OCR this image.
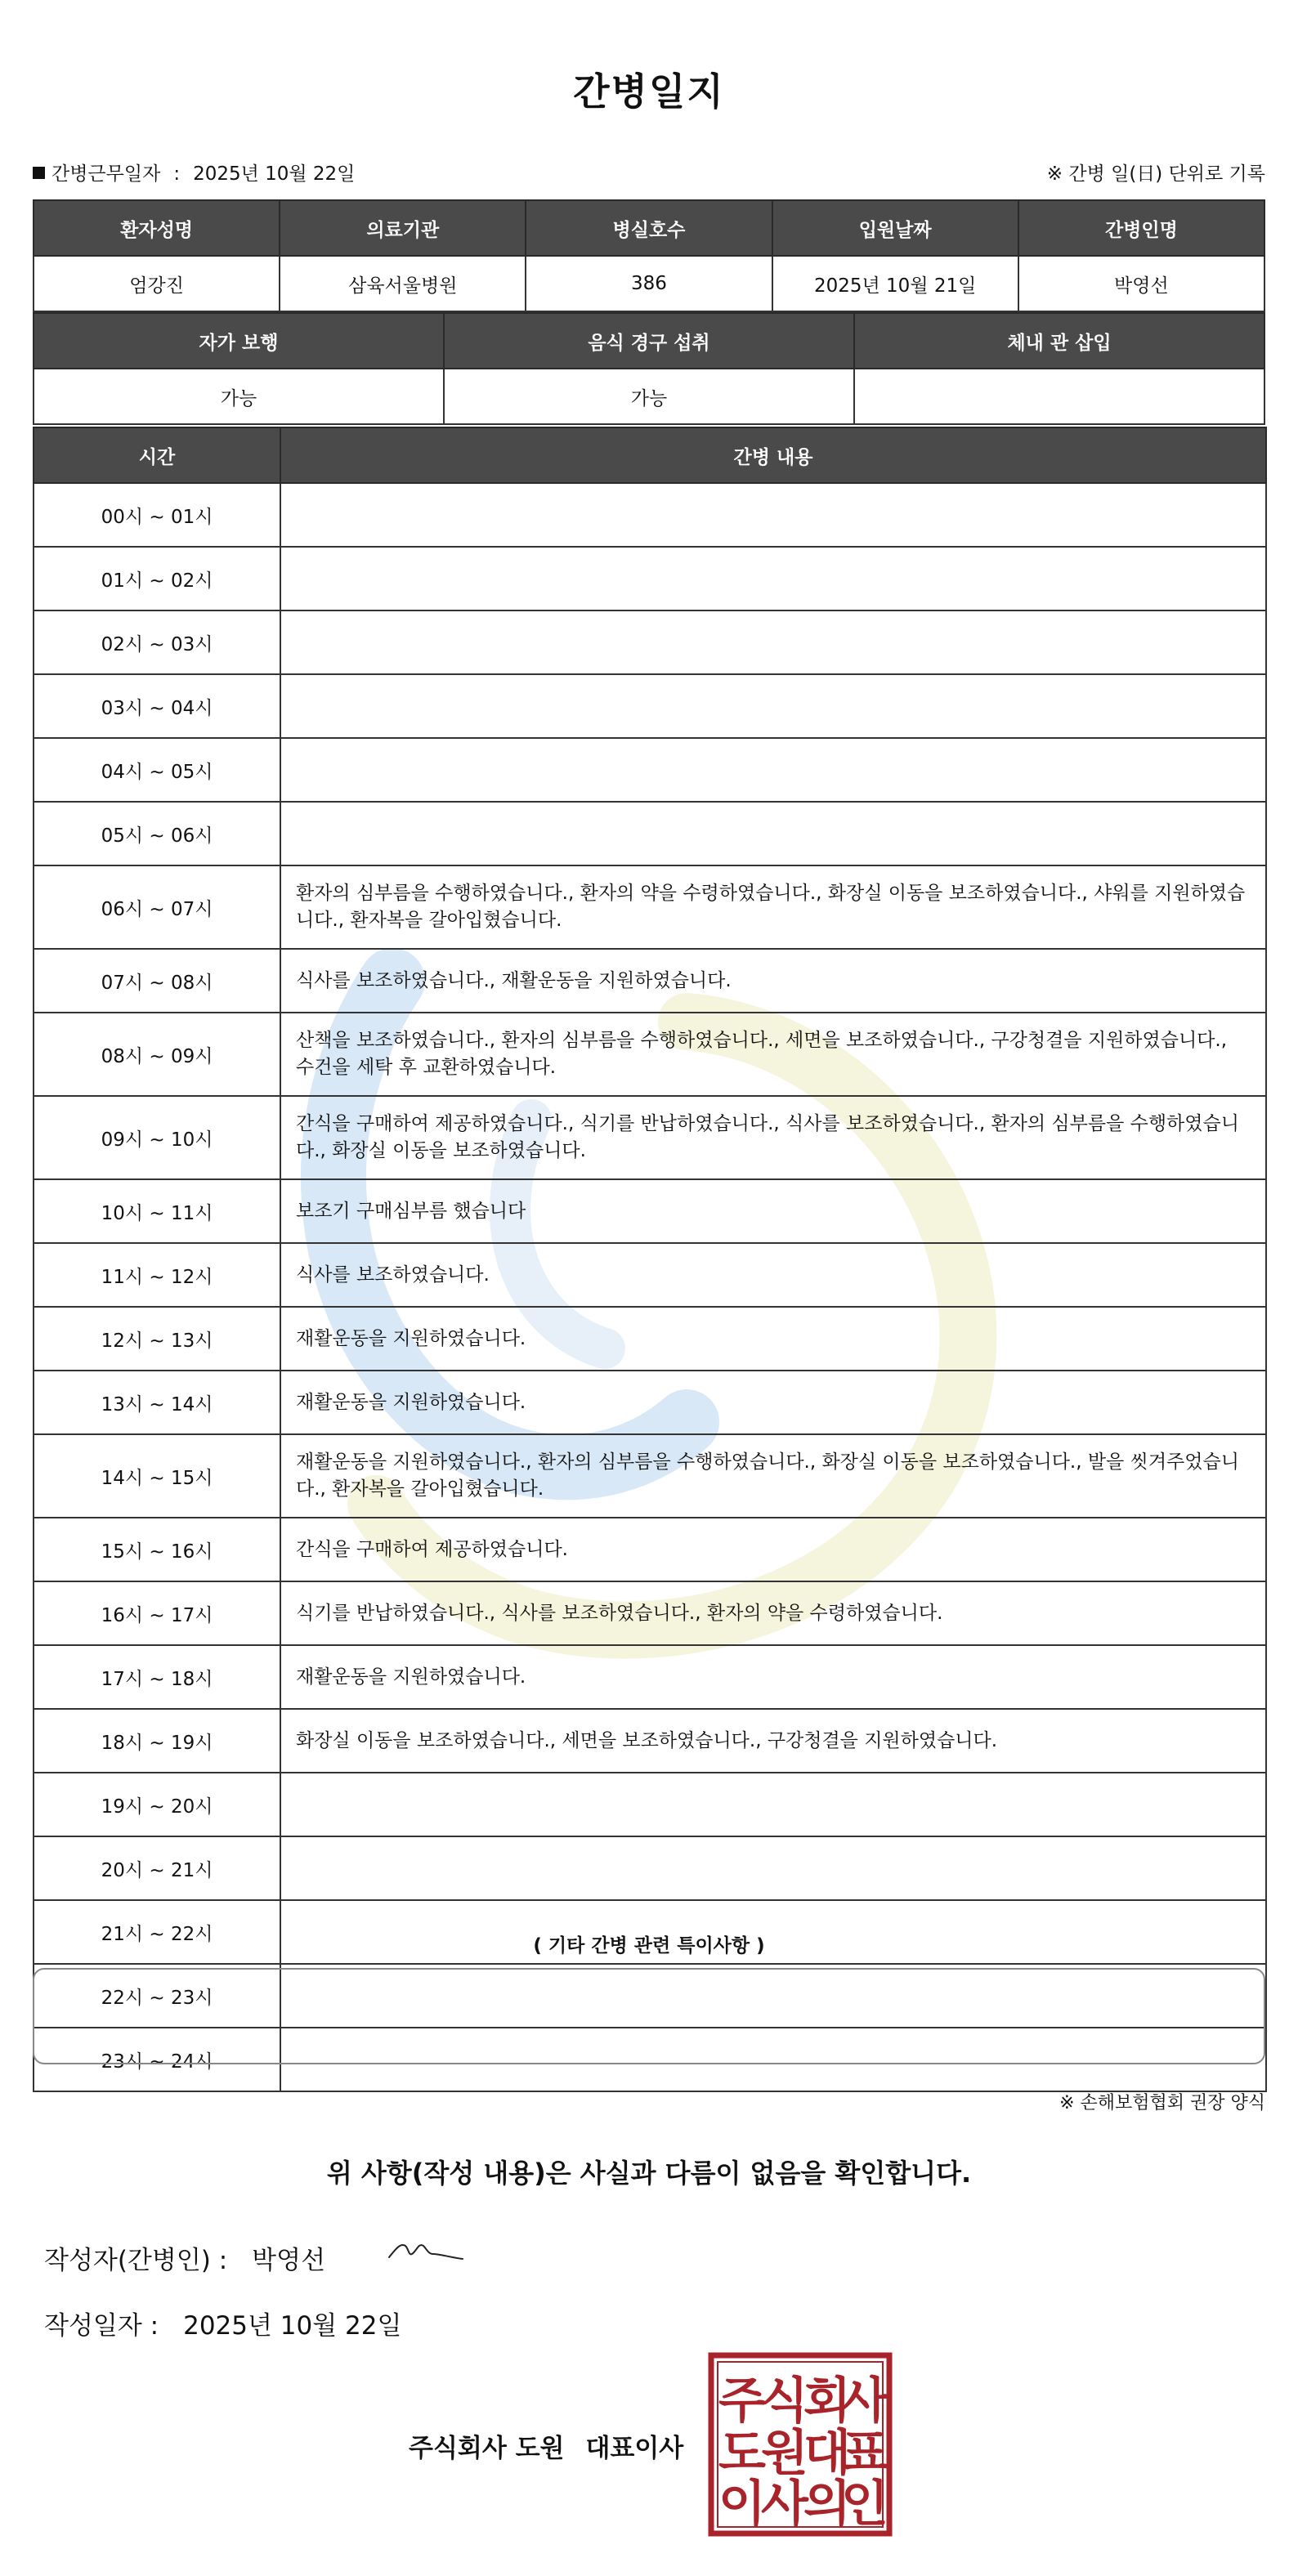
간병일지
간병근무일자 : 2025년 10월 22일	※ 간병 일(日) 단위로 기록
환자성명	의료기관	병실호수	입원날짜	간병인명
엄강진	삼육서울병원	386	2025년 10월 21일	박영선
자가 보행	음식 경구 섭취	체내 관 삽입
가능	가능	
시간	간병 내용
00시 ~ 01시	
01시 ~ 02시	
02시 ~ 03시	
03시 ~ 04시	
04시 ~ 05시	
05시 ~ 06시	
06시 ~ 07시	환자의 심부름을 수행하였습니다., 환자의 약을 수령하였습니다., 화장실 이동을 보조하였습니다., 샤워를 지원하였습니다., 환자복을 갈아입혔습니다.
07시 ~ 08시	식사를 보조하였습니다., 재활운동을 지원하였습니다.
08시 ~ 09시	산책을 보조하였습니다., 환자의 심부름을 수행하였습니다., 세면을 보조하였습니다., 구강청결을 지원하였습니다., 수건을 세탁 후 교환하였습니다.
09시 ~ 10시	간식을 구매하여 제공하였습니다., 식기를 반납하였습니다., 식사를 보조하였습니다., 환자의 심부름을 수행하였습니다., 화장실 이동을 보조하였습니다.
10시 ~ 11시	보조기 구매심부름 했습니다
11시 ~ 12시	식사를 보조하였습니다.
12시 ~ 13시	재활운동을 지원하였습니다.
13시 ~ 14시	재활운동을 지원하였습니다.
14시 ~ 15시	재활운동을 지원하였습니다., 환자의 심부름을 수행하였습니다., 화장실 이동을 보조하였습니다., 발을 씻겨주었습니다., 환자복을 갈아입혔습니다.
15시 ~ 16시	간식을 구매하여 제공하였습니다.
16시 ~ 17시	식기를 반납하였습니다., 식사를 보조하였습니다., 환자의 약을 수령하였습니다.
17시 ~ 18시	재활운동을 지원하였습니다.
18시 ~ 19시	화장실 이동을 보조하였습니다., 세면을 보조하였습니다., 구강청결을 지원하였습니다.
19시 ~ 20시	
20시 ~ 21시	
21시 ~ 22시	
22시 ~ 23시	
23시 ~ 24시	
( 기타 간병 관련 특이사항 )
※ 손해보험협회 권장 양식
위 사항(작성 내용)은 사실과 다름이 없음을 확인합니다.
작성자(간병인) : 박영선
작성일자 : 2025년 10월 22일
주식회사 도원 대표이사
주
식
회
사
도
원
대
표
이
사
의
인
